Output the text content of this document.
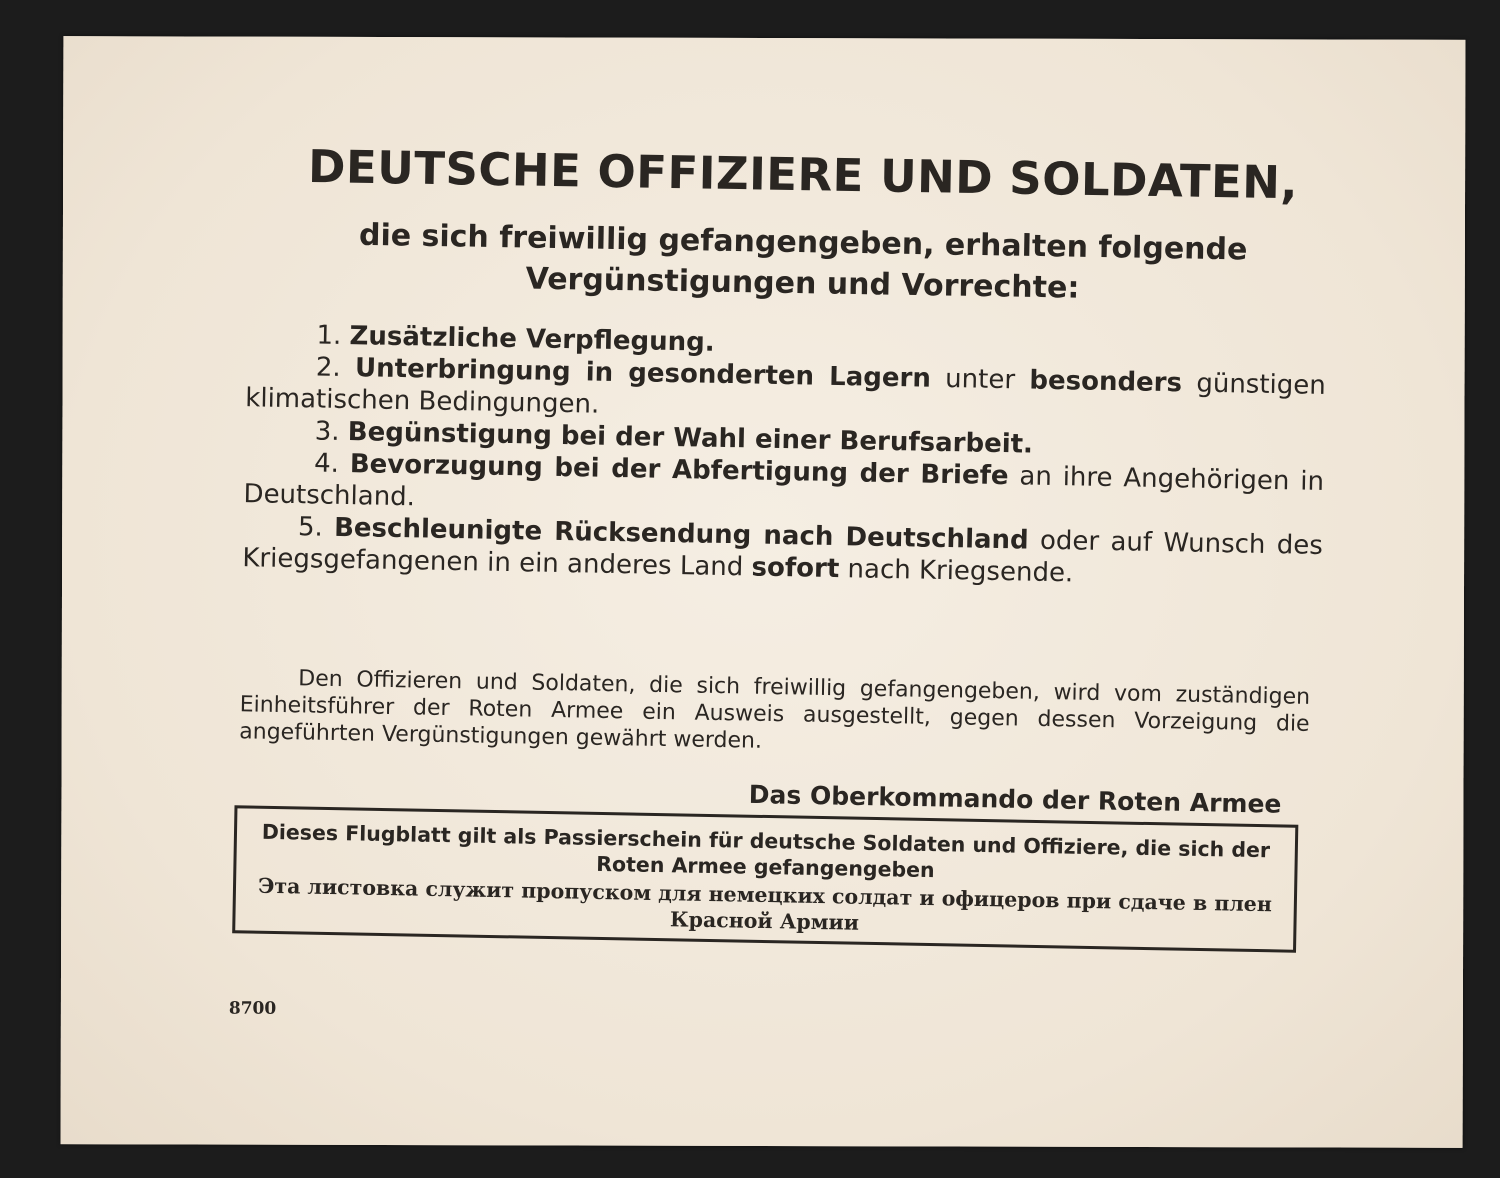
DEUTSCHE OFFIZIERE UND SOLDATEN,
die sich freiwillig gefangengeben, erhalten folgende
Vergünstigungen und Vorrechte:

1. Zusätzliche Verpflegung.

2. Unterbringung in gesonderten Lagern unter besonders günstigen klimatischen Bedingungen.

3. Begünstigung bei der Wahl einer Berufsarbeit.

4. Bevorzugung bei der Abfertigung der Briefe an ihre Angehörigen in Deutschland.

5. Beschleunigte Rücksendung nach Deutschland oder auf Wunsch des Kriegsgefangenen in ein anderes Land sofort nach Kriegsende.

Den Offizieren und Soldaten, die sich freiwillig gefangengeben, wird vom zuständigen Einheitsführer der Roten Armee ein Ausweis ausgestellt, gegen dessen Vorzeigung die angeführten Vergünstigungen gewährt werden.

Das Oberkommando der Roten Armee

Dieses Flugblatt gilt als Passierschein für deutsche Soldaten und Offiziere, die sich der Roten Armee gefangengeben

Эта листовка служит пропуском для немецких солдат и офицеров при сдаче в плен Красной Армии

8700
